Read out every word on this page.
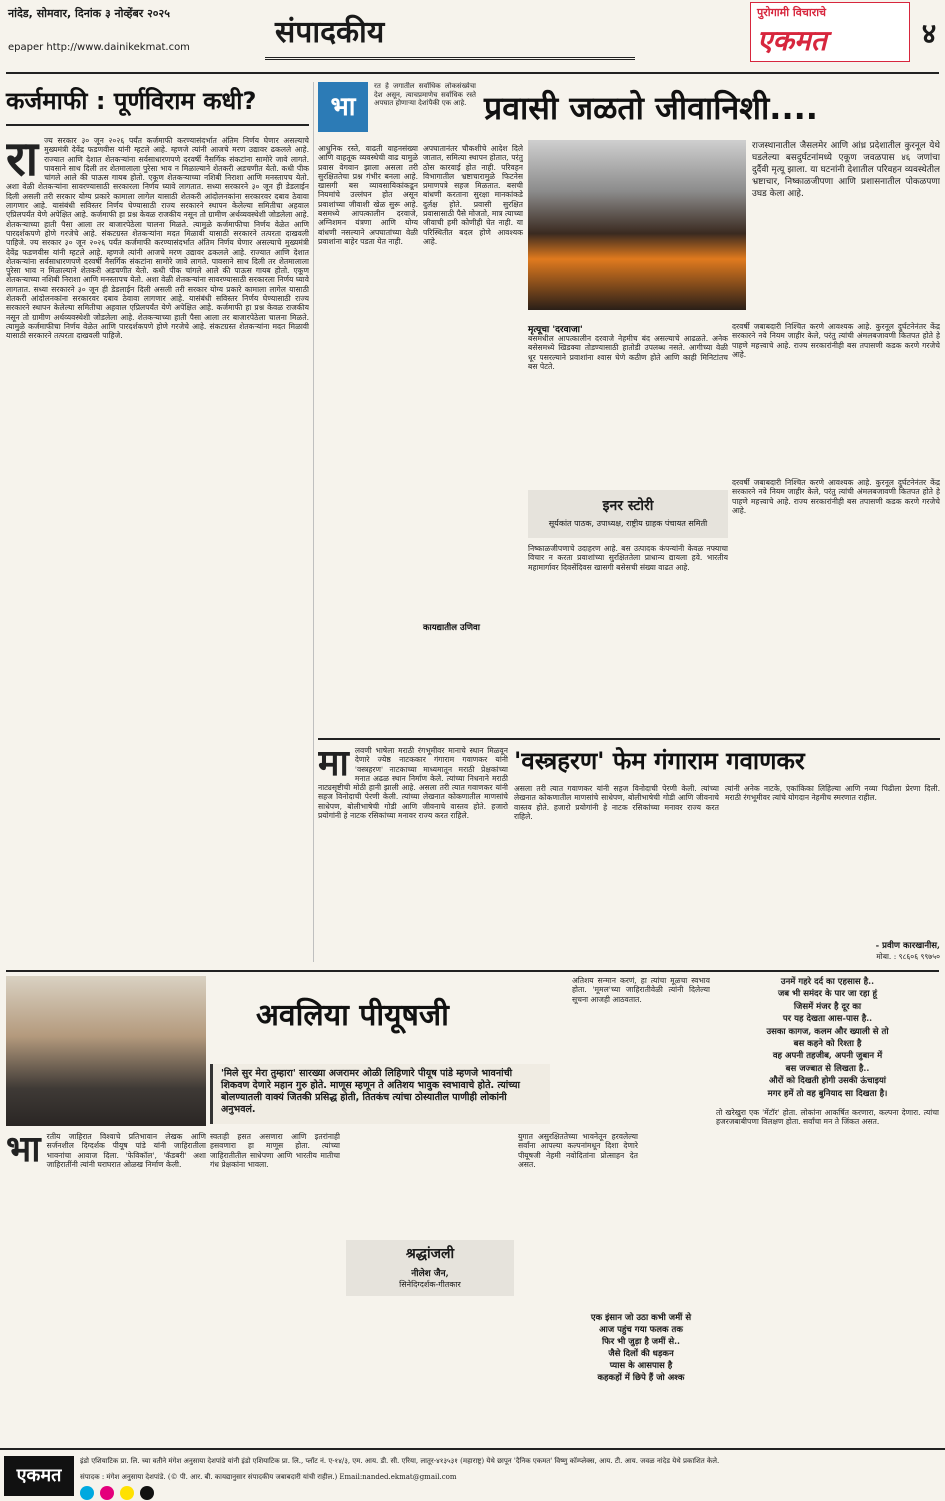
नांदेड, सोमवार, दिनांक ३ नोव्हेंबर २०२५
epaper http://www.dainikekmat.com	संपादकीय
पुरोगामी विचाराचे
एकमत	४
कर्जमाफी : पूर्णविराम कधी?
रा ज्य सरकार ३० जून २०२६ पर्यंत कर्जमाफी करण्यासंदर्भात अंतिम निर्णय घेणार असल्याचे मुख्यमंत्री देवेंद्र फडणवीस यांनी म्हटले आहे. म्हणजे त्यांनी आजचे मरण उद्यावर ढकलले आहे. राज्यात आणि देशात शेतकऱ्यांना सर्वसाधारणपणे दरवर्षी नैसर्गिक संकटांना सामोरे जावे लागते. पावसाने साथ दिली तर शेतमालाला पुरेसा भाव न मिळाल्याने शेतकरी अडचणीत येतो. कधी पीक चांगले आले की पाऊस गायब होतो. एकूण शेतकऱ्याच्या नशिबी निराशा आणि मनस्तापच येतो. अशा वेळी शेतकऱ्यांना सावरण्यासाठी सरकारला निर्णय घ्यावे लागतात. सध्या सरकारने ३० जून ही डेडलाईन दिली असली तरी सरकार योग्य प्रकारे कामाला लागेल यासाठी शेतकरी आंदोलनकांना सरकारवर दबाव ठेवावा लागणार आहे. यासंबंधी सविस्तर निर्णय घेण्यासाठी राज्य सरकारने स्थापन केलेल्या समितीचा अहवाल एप्रिलपर्यंत येणे अपेक्षित आहे. कर्जमाफी हा प्रश्न केवळ राजकीय नसून तो ग्रामीण अर्थव्यवस्थेशी जोडलेला आहे. शेतकऱ्याच्या हाती पैसा आला तर बाजारपेठेला चालना मिळते. त्यामुळे कर्जमाफीचा निर्णय वेळेत आणि पारदर्शकपणे होणे गरजेचे आहे. संकटग्रस्त शेतकऱ्यांना मदत मिळावी यासाठी सरकारने तत्परता दाखवली पाहिजे. ज्य सरकार ३० जून २०२६ पर्यंत कर्जमाफी करण्यासंदर्भात अंतिम निर्णय घेणार असल्याचे मुख्यमंत्री देवेंद्र फडणवीस यांनी म्हटले आहे. म्हणजे त्यांनी आजचे मरण उद्यावर ढकलले आहे. राज्यात आणि देशात शेतकऱ्यांना सर्वसाधारणपणे दरवर्षी नैसर्गिक संकटांना सामोरे जावे लागते. पावसाने साथ दिली तर शेतमालाला पुरेसा भाव न मिळाल्याने शेतकरी अडचणीत येतो. कधी पीक चांगले आले की पाऊस गायब होतो. एकूण शेतकऱ्याच्या नशिबी निराशा आणि मनस्तापच येतो. अशा वेळी शेतकऱ्यांना सावरण्यासाठी सरकारला निर्णय घ्यावे लागतात. सध्या सरकारने ३० जून ही डेडलाईन दिली असली तरी सरकार योग्य प्रकारे कामाला लागेल यासाठी शेतकरी आंदोलनकांना सरकारवर दबाव ठेवावा लागणार आहे. यासंबंधी सविस्तर निर्णय घेण्यासाठी राज्य सरकारने स्थापन केलेल्या समितीचा अहवाल एप्रिलपर्यंत येणे अपेक्षित आहे. कर्जमाफी हा प्रश्न केवळ राजकीय नसून तो ग्रामीण अर्थव्यवस्थेशी जोडलेला आहे. शेतकऱ्याच्या हाती पैसा आला तर बाजारपेठेला चालना मिळते. त्यामुळे कर्जमाफीचा निर्णय वेळेत आणि पारदर्शकपणे होणे गरजेचे आहे. संकटग्रस्त शेतकऱ्यांना मदत मिळावी यासाठी सरकारने तत्परता दाखवली पाहिजे.
भा
रत हे जगातील सर्वाधिक लोकसंख्येचा देश असून, त्याचप्रमाणेच सर्वाधिक रस्ते अपघात होणाऱ्या देशांपैकी एक आहे. प्रवासी जळतो जीवानिशी....
आधुनिक रस्ते, वाढती वाहनसंख्या आणि वाहतूक व्यवस्थेची वाढ यामुळे प्रवास वेगवान झाला असला तरी सुरक्षिततेचा प्रश्न गंभीर बनला आहे. खासगी बस व्यावसायिकांकडून नियमांचे उल्लंघन होत असून प्रवाशांच्या जीवाशी खेळ सुरू आहे. बसमध्ये आपत्कालीन दरवाजे, अग्निशमन यंत्रणा आणि योग्य बांधणी नसल्याने अपघातांच्या वेळी प्रवाशांना बाहेर पडता येत नाही.
अपघातानंतर चौकशीचे आदेश दिले जातात, समित्या स्थापन होतात, परंतु ठोस कारवाई होत नाही. परिवहन विभागातील भ्रष्टाचारामुळे फिटनेस प्रमाणपत्रे सहज मिळतात. बसची बांधणी करताना सुरक्षा मानकांकडे दुर्लक्ष होते. प्रवासी सुरक्षित प्रवासासाठी पैसे मोजतो, मात्र त्याच्या जीवाची हमी कोणीही घेत नाही. या परिस्थितीत बदल होणे आवश्यक आहे.
राजस्थानातील जैसलमेर आणि आंध्र प्रदेशातील कुरनूल येथे घडलेल्या बसदुर्घटनांमध्ये एकूण जवळपास ४६ जणांचा दुर्दैवी मृत्यू झाला. या घटनांनी देशातील परिवहन व्यवस्थेतील भ्रष्टाचार, निष्काळजीपणा आणि प्रशासनातील पोकळपणा उघड केला आहे.
मृत्यूचा 'दरवाजा'
बसमधील आपत्कालीन दरवाजे नेहमीच बंद असल्याचे आढळते. अनेक बसेसमध्ये खिडक्या तोडण्यासाठी हातोडी उपलब्ध नसते. आगीच्या वेळी धूर पसरल्याने प्रवाशांना श्वास घेणे कठीण होते आणि काही मिनिटांतच बस पेटते.
दरवर्षी जबाबदारी निश्चित करणे आवश्यक आहे. कुरनूल दुर्घटनेनंतर केंद्र सरकारने नवे नियम जाहीर केले, परंतु त्यांची अंमलबजावणी कितपत होते हे पाहणे महत्त्वाचे आहे. राज्य सरकारांनीही बस तपासणी कडक करणे गरजेचे आहे.
इनर स्टोरी
सूर्यकांत पाठक, उपाध्यक्ष, राष्ट्रीय ग्राहक पंचायत समिती
कायद्यातील उणिवा
निष्काळजीपणाचे उदाहरण आहे. बस उत्पादक कंपन्यांनी केवळ नफ्याचा विचार न करता प्रवाशांच्या सुरक्षिततेला प्राधान्य द्यायला हवे. भारतीय महामार्गावर दिवसेंदिवस खासगी बसेसची संख्या वाढत आहे.
दरवर्षी जबाबदारी निश्चित करणे आवश्यक आहे. कुरनूल दुर्घटनेनंतर केंद्र सरकारने नवे नियम जाहीर केले, परंतु त्यांची अंमलबजावणी कितपत होते हे पाहणे महत्त्वाचे आहे. राज्य सरकारांनीही बस तपासणी कडक करणे गरजेचे आहे.
'वस्त्रहरण' फेम गंगाराम गवाणकर
मा लवणी भाषेला मराठी रंगभूमीवर मानाचे स्थान मिळवून देणारे ज्येष्ठ नाटककार गंगाराम गवाणकर यांनी 'वस्त्रहरण' नाटकाच्या माध्यमातून मराठी प्रेक्षकांच्या मनात अढळ स्थान निर्माण केले. त्यांच्या निधनाने मराठी नाट्यसृष्टीची मोठी हानी झाली आहे. असला तरी त्यात गवाणकर यांनी सहज विनोदाची पेरणी केली. त्यांच्या लेखनात कोकणातील माणसांचे साधेपण, बोलीभाषेची गोडी आणि जीवनाचे वास्तव होते. हजारो प्रयोगांनी हे नाटक रसिकांच्या मनावर राज्य करत राहिले.
असला तरी त्यात गवाणकर यांनी सहज विनोदाची पेरणी केली. त्यांच्या लेखनात कोकणातील माणसांचे साधेपण, बोलीभाषेची गोडी आणि जीवनाचे वास्तव होते. हजारो प्रयोगांनी हे नाटक रसिकांच्या मनावर राज्य करत राहिले.
त्यांनी अनेक नाटके, एकांकिका लिहिल्या आणि नव्या पिढीला प्रेरणा दिली. मराठी रंगभूमीवर त्यांचे योगदान नेहमीच स्मरणात राहील.
- प्रवीण कारखानीस,
मोबा. : ९८६०६ ९९७५०
अवलिया पीयूषजी
'मिले सुर मेरा तुम्हारा' सारख्या अजरामर ओळी लिहिणारे पीयूष पांडे म्हणजे भावनांची शिकवण देणारे महान गुरु होते. माणूस म्हणून ते अतिशय भावुक स्वभावाचे होते. त्यांच्या बोलण्यातली वाक्यं जितकी प्रसिद्ध होती, तितकंच त्यांचा ठोस्यातील पाणीही लोकांनी अनुभवलं.
भा रतीय जाहिरात विश्वाचे प्रतिभावान लेखक आणि सर्जनशील दिग्दर्शक पीयूष पांडे यांनी जाहिरातीला भावनांचा आवाज दिला. 'फेविकॉल', 'कॅडबरी' अशा जाहिरातींनी त्यांनी घराघरात ओळख निर्माण केली.
स्वतःही हसत असणारा आणि इतरांनाही हसवणारा हा माणूस होता. त्यांच्या जाहिरातीतील साधेपणा आणि भारतीय मातीचा गंध प्रेक्षकांना भावला.
श्रद्धांजली
नीलेश जैन,
सिनेदिग्दर्शक-गीतकार
युगात असुरक्षिततेच्या भावनेतून हरवलेल्या सर्वांना आपल्या कल्पनांमधून दिशा देणारे पीयूषजी नेहमी नवोदितांना प्रोत्साहन देत असत.
अतिशय सन्मान करणं, हा त्यांचा मूळचा स्वभाव होता. 'मूमल'च्या जाहिरातीवेळी त्यांनी दिलेल्या सूचना आजही आठवतात.
एक इंसान जो उठा कभी जमीं से
आज पहुंच गया फलक तक
फिर भी जुड़ा है जमीं से..
जैसे दिलों की धड़कन
प्यास के आसपास है
कहकहों में छिपे हैं जो अश्क
उनमें गहरे दर्द का एहसास है..
जब भी समंदर के पार जा रहा हूं
जिसमें मंजर है दूर का
पर यह देखता आस-पास है..
उसका कागज, कलम और ख्याली से तो
बस कहने को रिश्ता है
वह अपनी तहजीब, अपनी जुबान में
बस जज्बात से लिखता है..
औरों को दिखती होगी उसकी ऊंचाइयां
मगर हमें तो वह बुनियाद सा दिखता है।
तो खरेखुरा एक 'मेंटॉर' होता. लोकांना आकर्षित करणारा, कल्पना देणारा. त्यांचा हजरजबाबीपणा विलक्षण होता. सर्वांचा मन ते जिंकत असत.
एकमत
इंडो एशियाटिक प्रा. लि. च्या वतीने मंगेश अनुसाया देशपांडे यांनी इंडो एशियाटिक प्रा. लि., प्लॉट नं. ए-१४/३, एम. आय. डी. सी. एरिया, लातूर-४१३५३१ (महाराष्ट्र) येथे छापून 'दैनिक एकमत' विष्णु कॉम्प्लेक्स, आय. टी. आय. जवळ नांदेड येथे प्रकाशित केले.
संपादक : मंगेश अनुसाया देशपांडे. (© पी. आर. बी. कायद्यानुसार संपादकीय जबाबदारी यांची राहील.) Email:nanded.ekmat@gmail.com
